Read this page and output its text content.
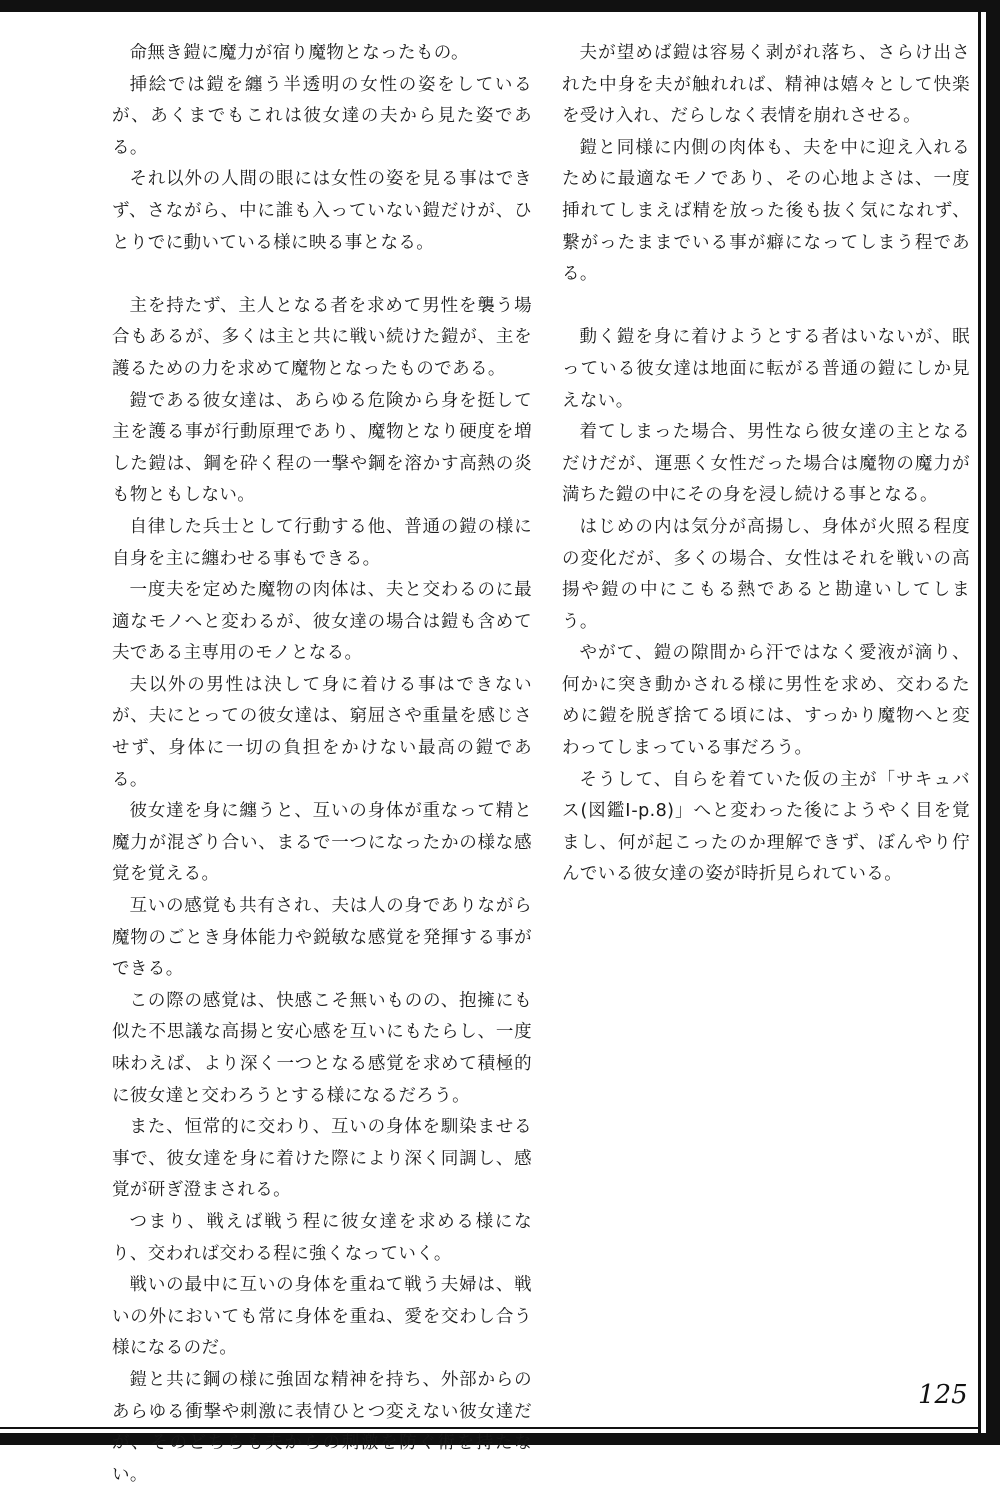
命無き鎧に魔力が宿り魔物となったもの。

挿絵では鎧を纏う半透明の女性の姿をしているが、あくまでもこれは彼女達の夫から見た姿である。

それ以外の人間の眼には女性の姿を見る事はできず、さながら、中に誰も入っていない鎧だけが、ひとりでに動いている様に映る事となる。

主を持たず、主人となる者を求めて男性を襲う場合もあるが、多くは主と共に戦い続けた鎧が、主を護るための力を求めて魔物となったものである。

鎧である彼女達は、あらゆる危険から身を挺して主を護る事が行動原理であり、魔物となり硬度を増した鎧は、鋼を砕く程の一撃や鋼を溶かす高熱の炎も物ともしない。

自律した兵士として行動する他、普通の鎧の様に自身を主に纏わせる事もできる。

一度夫を定めた魔物の肉体は、夫と交わるのに最適なモノへと変わるが、彼女達の場合は鎧も含めて夫である主専用のモノとなる。

夫以外の男性は決して身に着ける事はできないが、夫にとっての彼女達は、窮屈さや重量を感じさせず、身体に一切の負担をかけない最高の鎧である。

彼女達を身に纏うと、互いの身体が重なって精と魔力が混ざり合い、まるで一つになったかの様な感覚を覚える。

互いの感覚も共有され、夫は人の身でありながら魔物のごとき身体能力や鋭敏な感覚を発揮する事ができる。

この際の感覚は、快感こそ無いものの、抱擁にも似た不思議な高揚と安心感を互いにもたらし、一度味わえば、より深く一つとなる感覚を求めて積極的に彼女達と交わろうとする様になるだろう。

また、恒常的に交わり、互いの身体を馴染ませる事で、彼女達を身に着けた際により深く同調し、感覚が研ぎ澄まされる。

つまり、戦えば戦う程に彼女達を求める様になり、交われば交わる程に強くなっていく。

戦いの最中に互いの身体を重ねて戦う夫婦は、戦いの外においても常に身体を重ね、愛を交わし合う様になるのだ。

鎧と共に鋼の様に強固な精神を持ち、外部からのあらゆる衝撃や刺激に表情ひとつ変えない彼女達だが、そのどちらも夫からの刺激を防ぐ術を持たない。

夫が望めば鎧は容易く剥がれ落ち、さらけ出された中身を夫が触れれば、精神は嬉々として快楽を受け入れ、だらしなく表情を崩れさせる。

鎧と同様に内側の肉体も、夫を中に迎え入れるために最適なモノであり、その心地よさは、一度挿れてしまえば精を放った後も抜く気になれず、繋がったままでいる事が癖になってしまう程である。

動く鎧を身に着けようとする者はいないが、眠っている彼女達は地面に転がる普通の鎧にしか見えない。

着てしまった場合、男性なら彼女達の主となるだけだが、運悪く女性だった場合は魔物の魔力が満ちた鎧の中にその身を浸し続ける事となる。

はじめの内は気分が高揚し、身体が火照る程度の変化だが、多くの場合、女性はそれを戦いの高揚や鎧の中にこもる熱であると勘違いしてしまう。

やがて、鎧の隙間から汗ではなく愛液が滴り、何かに突き動かされる様に男性を求め、交わるために鎧を脱ぎ捨てる頃には、すっかり魔物へと変わってしまっている事だろう。

そうして、自らを着ていた仮の主が「サキュバス(図鑑Ⅰ-p.8)」へと変わった後にようやく目を覚まし、何が起こったのか理解できず、ぼんやり佇んでいる彼女達の姿が時折見られている。

125
